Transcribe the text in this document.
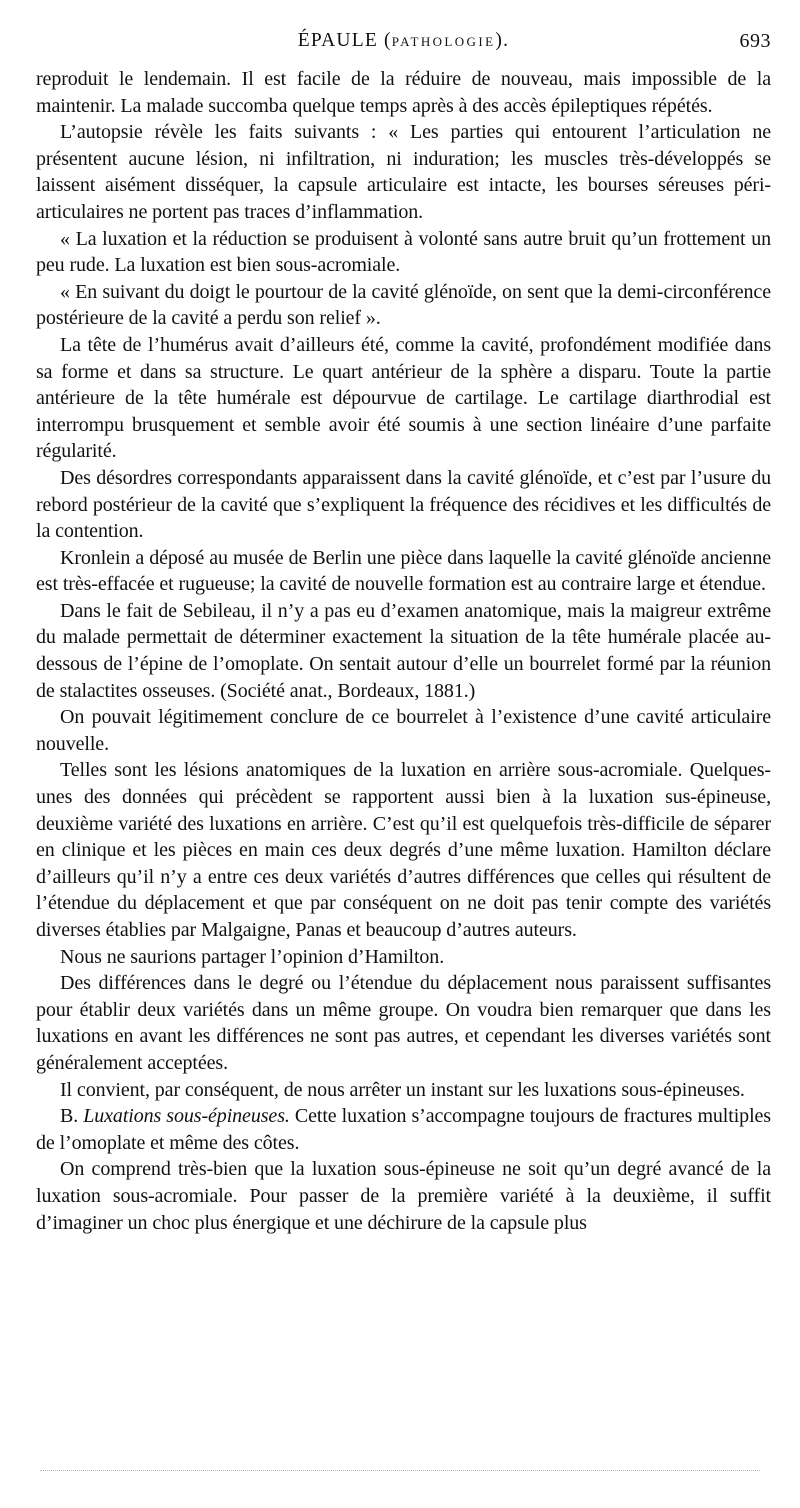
ÉPAULE (PATHOLOGIE).	693

reproduit le lendemain. Il est facile de la réduire de nouveau, mais impossible de la maintenir. La malade succomba quelque temps après à des accès épileptiques répétés.

L’autopsie révèle les faits suivants : « Les parties qui entourent l’articulation ne présentent aucune lésion, ni infiltration, ni induration; les muscles très-développés se laissent aisément disséquer, la capsule articulaire est intacte, les bourses séreuses péri-articulaires ne portent pas traces d’inflammation.

« La luxation et la réduction se produisent à volonté sans autre bruit qu’un frottement un peu rude. La luxation est bien sous-acromiale.

« En suivant du doigt le pourtour de la cavité glénoïde, on sent que la demi-circonférence postérieure de la cavité a perdu son relief ».

La tête de l’humérus avait d’ailleurs été, comme la cavité, profondément modifiée dans sa forme et dans sa structure. Le quart antérieur de la sphère a disparu. Toute la partie antérieure de la tête humérale est dépourvue de cartilage. Le cartilage diarthrodial est interrompu brusquement et semble avoir été soumis à une section linéaire d’une parfaite régularité.

Des désordres correspondants apparaissent dans la cavité glénoïde, et c’est par l’usure du rebord postérieur de la cavité que s’expliquent la fréquence des récidives et les difficultés de la contention.

Kronlein a déposé au musée de Berlin une pièce dans laquelle la cavité glénoïde ancienne est très-effacée et rugueuse; la cavité de nouvelle formation est au contraire large et étendue.

Dans le fait de Sebileau, il n’y a pas eu d’examen anatomique, mais la maigreur extrême du malade permettait de déterminer exactement la situation de la tête humérale placée au-dessous de l’épine de l’omoplate. On sentait autour d’elle un bourrelet formé par la réunion de stalactites osseuses. (Société anat., Bordeaux, 1881.)

On pouvait légitimement conclure de ce bourrelet à l’existence d’une cavité articulaire nouvelle.

Telles sont les lésions anatomiques de la luxation en arrière sous-acromiale. Quelques-unes des données qui précèdent se rapportent aussi bien à la luxation sus-épineuse, deuxième variété des luxations en arrière. C’est qu’il est quelquefois très-difficile de séparer en clinique et les pièces en main ces deux degrés d’une même luxation. Hamilton déclare d’ailleurs qu’il n’y a entre ces deux variétés d’autres différences que celles qui résultent de l’étendue du déplacement et que par conséquent on ne doit pas tenir compte des variétés diverses établies par Malgaigne, Panas et beaucoup d’autres auteurs.

Nous ne saurions partager l’opinion d’Hamilton.

Des différences dans le degré ou l’étendue du déplacement nous paraissent suffisantes pour établir deux variétés dans un même groupe. On voudra bien remarquer que dans les luxations en avant les différences ne sont pas autres, et cependant les diverses variétés sont généralement acceptées.

Il convient, par conséquent, de nous arrêter un instant sur les luxations sous-épineuses.

B. Luxations sous-épineuses. Cette luxation s’accompagne toujours de fractures multiples de l’omoplate et même des côtes.

On comprend très-bien que la luxation sous-épineuse ne soit qu’un degré avancé de la luxation sous-acromiale. Pour passer de la première variété à la deuxième, il suffit d’imaginer un choc plus énergique et une déchirure de la capsule plus
